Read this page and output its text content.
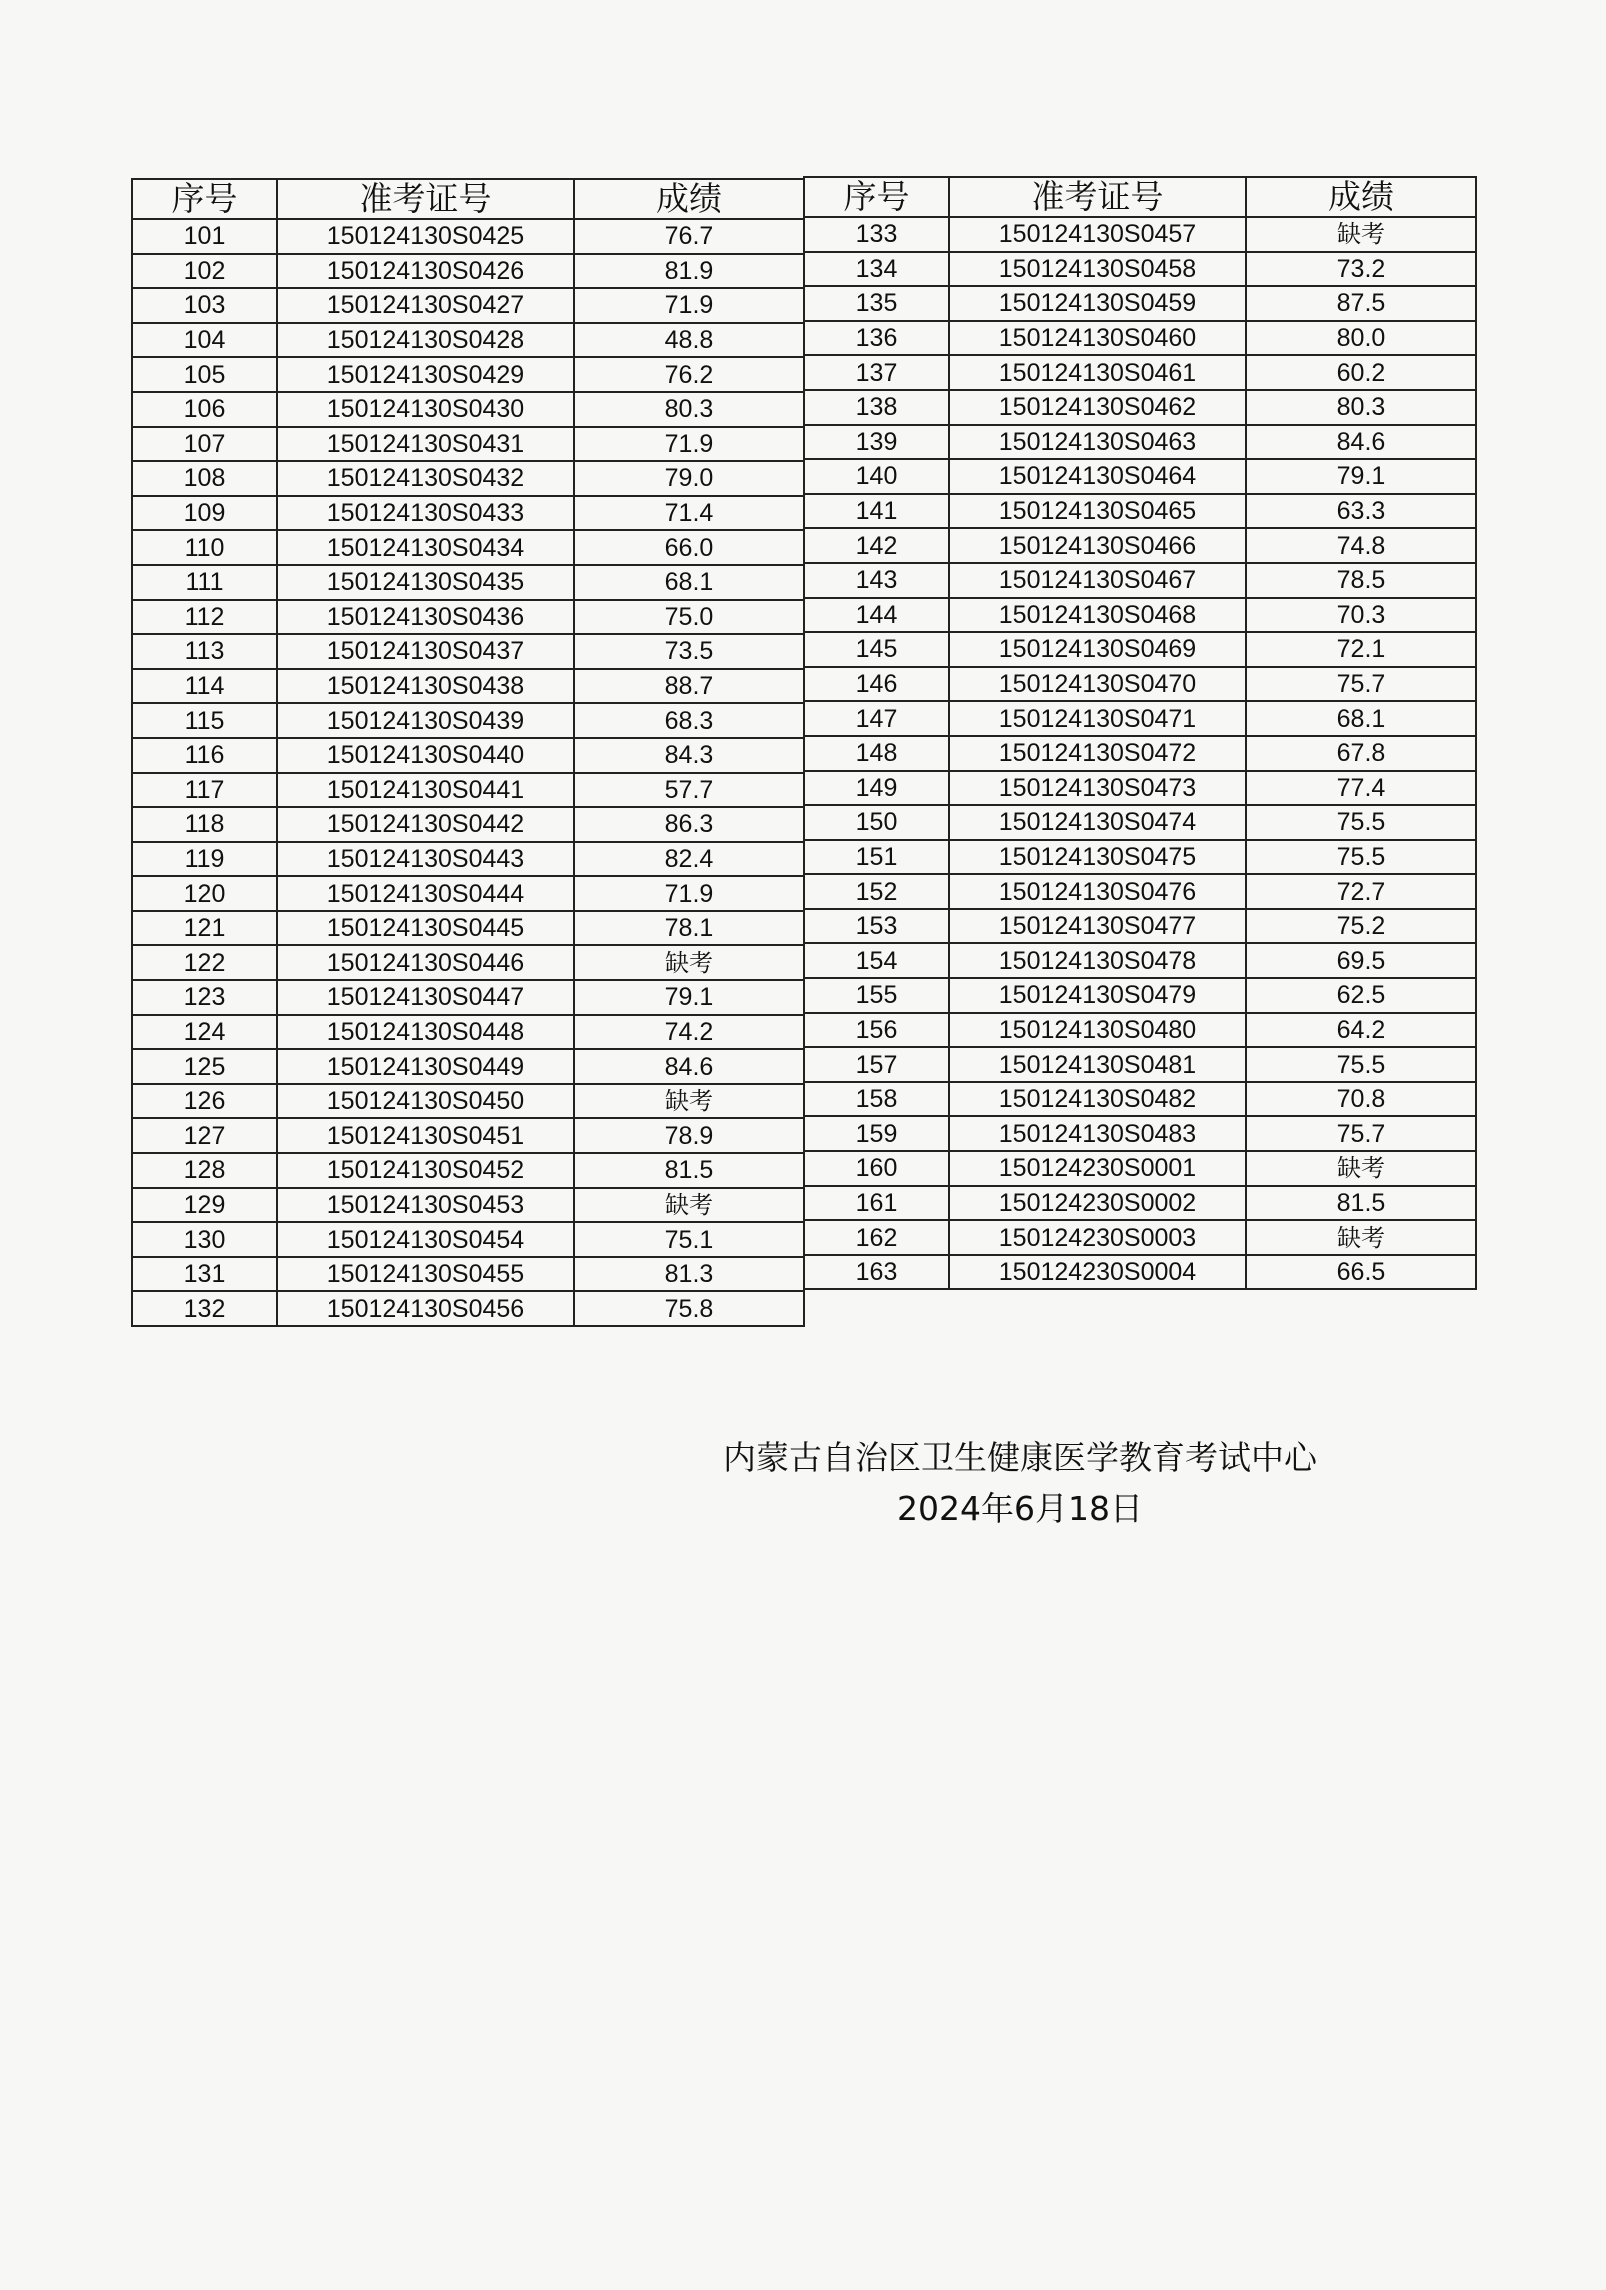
序号	准考证号	成绩
101	150124130S0425	76.7
102	150124130S0426	81.9
103	150124130S0427	71.9
104	150124130S0428	48.8
105	150124130S0429	76.2
106	150124130S0430	80.3
107	150124130S0431	71.9
108	150124130S0432	79.0
109	150124130S0433	71.4
110	150124130S0434	66.0
111	150124130S0435	68.1
112	150124130S0436	75.0
113	150124130S0437	73.5
114	150124130S0438	88.7
115	150124130S0439	68.3
116	150124130S0440	84.3
117	150124130S0441	57.7
118	150124130S0442	86.3
119	150124130S0443	82.4
120	150124130S0444	71.9
121	150124130S0445	78.1
122	150124130S0446	缺考
123	150124130S0447	79.1
124	150124130S0448	74.2
125	150124130S0449	84.6
126	150124130S0450	缺考
127	150124130S0451	78.9
128	150124130S0452	81.5
129	150124130S0453	缺考
130	150124130S0454	75.1
131	150124130S0455	81.3
132	150124130S0456	75.8
序号	准考证号	成绩
133	150124130S0457	缺考
134	150124130S0458	73.2
135	150124130S0459	87.5
136	150124130S0460	80.0
137	150124130S0461	60.2
138	150124130S0462	80.3
139	150124130S0463	84.6
140	150124130S0464	79.1
141	150124130S0465	63.3
142	150124130S0466	74.8
143	150124130S0467	78.5
144	150124130S0468	70.3
145	150124130S0469	72.1
146	150124130S0470	75.7
147	150124130S0471	68.1
148	150124130S0472	67.8
149	150124130S0473	77.4
150	150124130S0474	75.5
151	150124130S0475	75.5
152	150124130S0476	72.7
153	150124130S0477	75.2
154	150124130S0478	69.5
155	150124130S0479	62.5
156	150124130S0480	64.2
157	150124130S0481	75.5
158	150124130S0482	70.8
159	150124130S0483	75.7
160	150124230S0001	缺考
161	150124230S0002	81.5
162	150124230S0003	缺考
163	150124230S0004	66.5
内蒙古自治区卫生健康医学教育考试中心
2024年6月18日
